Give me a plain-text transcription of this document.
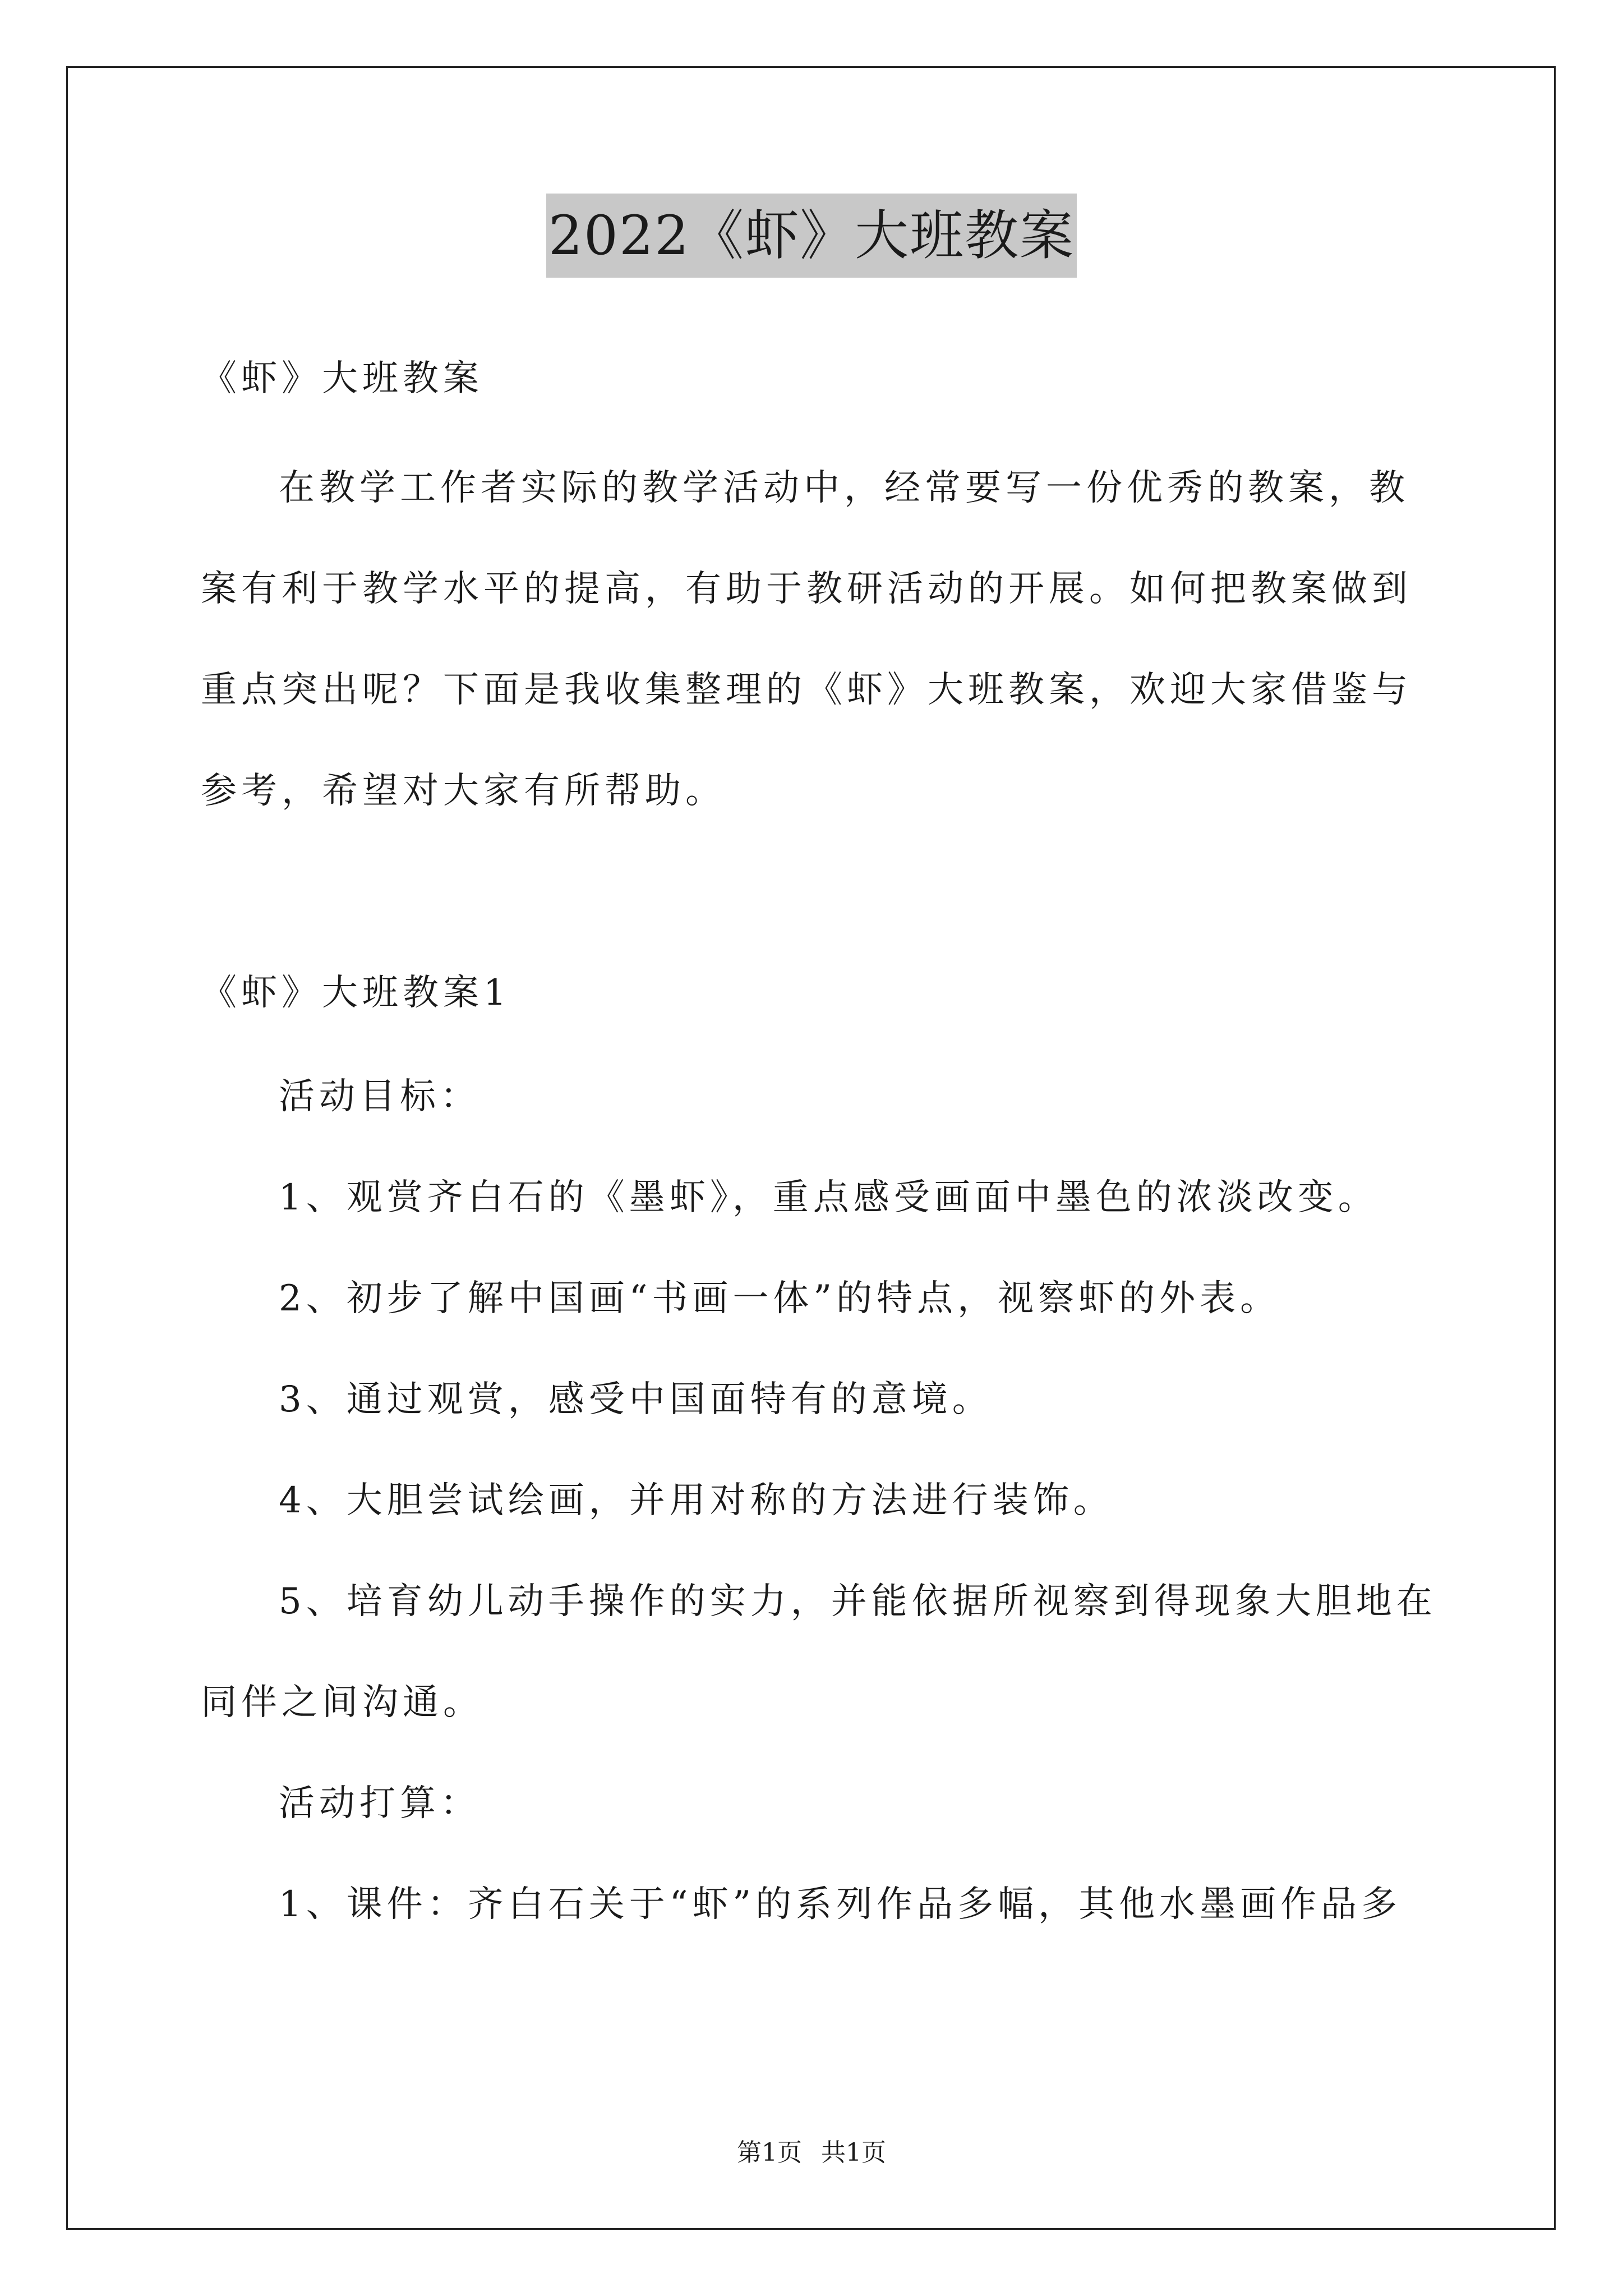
2022《虾》大班教案
《虾》大班教案
在教学工作者实际的教学活动中，经常要写一份优秀的教案，教
案有利于教学水平的提高，有助于教研活动的开展。如何把教案做到
重点突出呢？下面是我收集整理的《虾》大班教案，欢迎大家借鉴与
参考，希望对大家有所帮助。
《虾》大班教案1
活动目标：
1、观赏齐白石的《墨虾》，重点感受画面中墨色的浓淡改变。
2、初步了解中国画“书画一体”的特点，视察虾的外表。
3、通过观赏，感受中国面特有的意境。
4、大胆尝试绘画，并用对称的方法进行装饰。
5、培育幼儿动手操作的实力，并能依据所视察到得现象大胆地在
同伴之间沟通。
活动打算：
1、课件：齐白石关于“虾”的系列作品多幅，其他水墨画作品多
第1页 共1页
